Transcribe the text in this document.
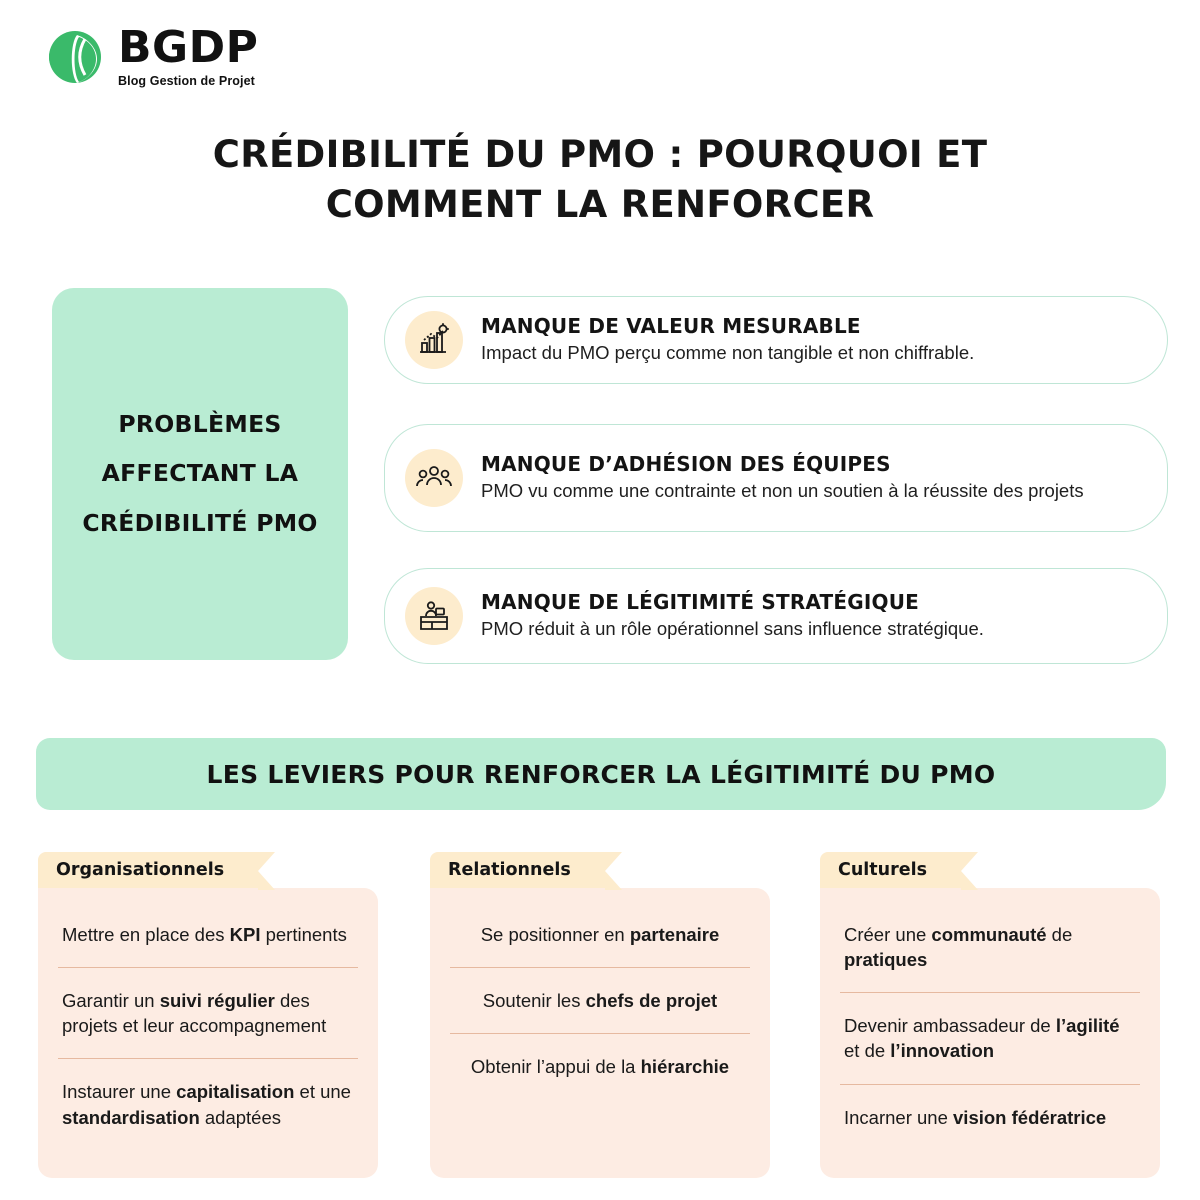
BGDP
Blog Gestion de Projet
CRÉDIBILITÉ DU PMO : POURQUOI ET COMMENT LA RENFORCER
PROBLÈMES
AFFECTANT LA
CRÉDIBILITÉ PMO
MANQUE DE VALEUR MESURABLE
Impact du PMO perçu comme non tangible et non chiffrable.
MANQUE D’ADHÉSION DES ÉQUIPES
PMO vu comme une contrainte et non un soutien à la réussite des projets
MANQUE DE LÉGITIMITÉ STRATÉGIQUE
PMO réduit à un rôle opérationnel sans influence stratégique.
LES LEVIERS POUR RENFORCER LA LÉGITIMITÉ DU PMO
Organisationnels
Mettre en place des KPI pertinents
Garantir un suivi régulier des projets et leur accompagnement
Instaurer une capitalisation et une standardisation adaptées
Relationnels
Se positionner en partenaire
Soutenir les chefs de projet
Obtenir l’appui de la hiérarchie
Culturels
Créer une communauté de pratiques
Devenir ambassadeur de l’agilité et de l’innovation
Incarner une vision fédératrice
